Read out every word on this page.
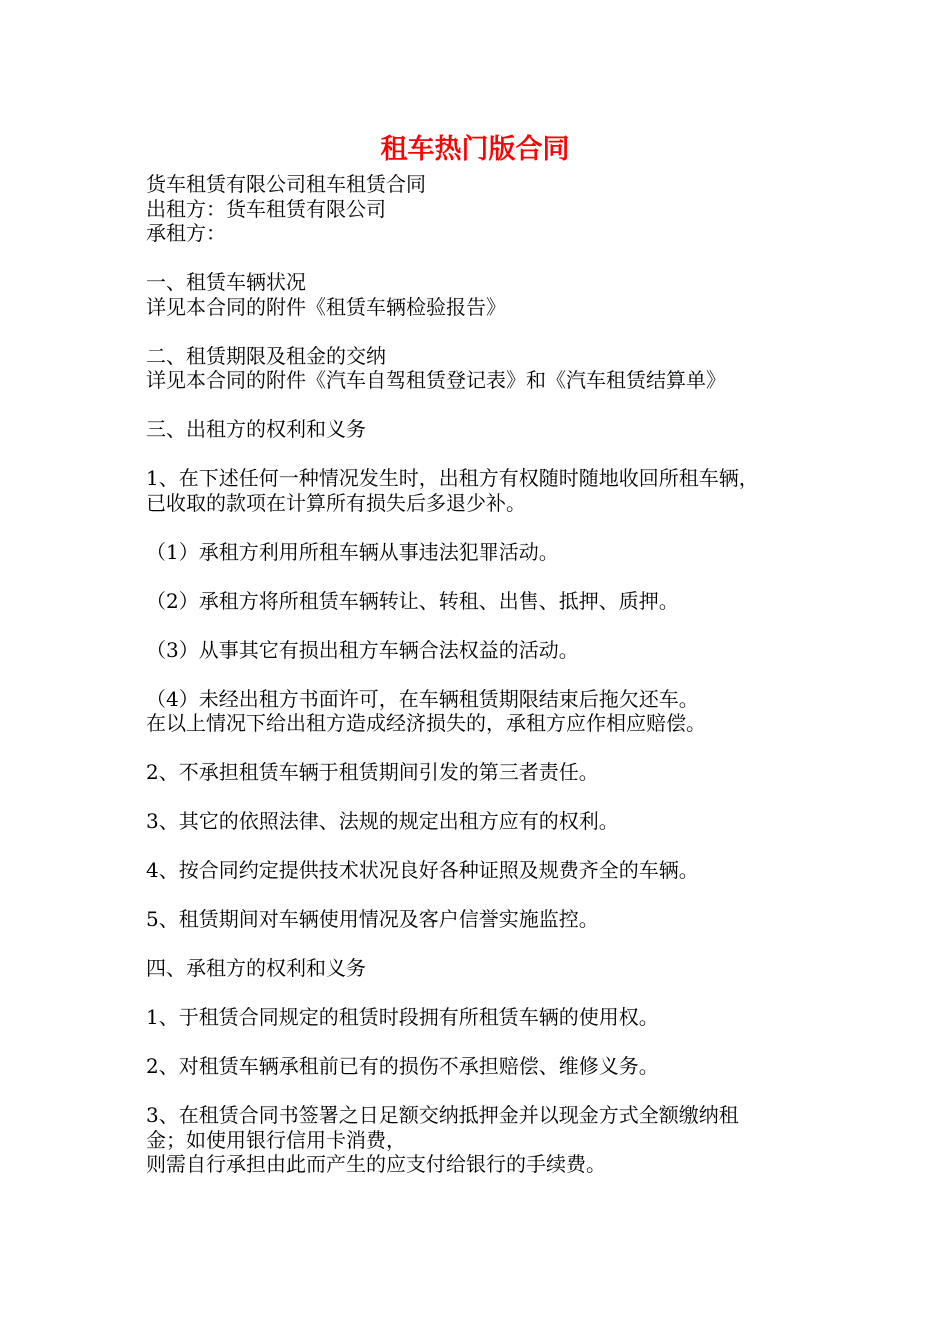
租车热门版合同
货车租赁有限公司租车租赁合同
出租方：货车租赁有限公司
承租方：
一、租赁车辆状况
详见本合同的附件《租赁车辆检验报告》
二、租赁期限及租金的交纳
详见本合同的附件《汽车自驾租赁登记表》和《汽车租赁结算单》
三、出租方的权利和义务
1、在下述任何一种情况发生时，出租方有权随时随地收回所租车辆，
已收取的款项在计算所有损失后多退少补。
（1）承租方利用所租车辆从事违法犯罪活动。
（2）承租方将所租赁车辆转让、转租、出售、抵押、质押。
（3）从事其它有损出租方车辆合法权益的活动。
（4）未经出租方书面许可，在车辆租赁期限结束后拖欠还车。
在以上情况下给出租方造成经济损失的，承租方应作相应赔偿。
2、不承担租赁车辆于租赁期间引发的第三者责任。
3、其它的依照法律、法规的规定出租方应有的权利。
4、按合同约定提供技术状况良好各种证照及规费齐全的车辆。
5、租赁期间对车辆使用情况及客户信誉实施监控。
四、承租方的权利和义务
1、于租赁合同规定的租赁时段拥有所租赁车辆的使用权。
2、对租赁车辆承租前已有的损伤不承担赔偿、维修义务。
3、在租赁合同书签署之日足额交纳抵押金并以现金方式全额缴纳租
金；如使用银行信用卡消费，
则需自行承担由此而产生的应支付给银行的手续费。
